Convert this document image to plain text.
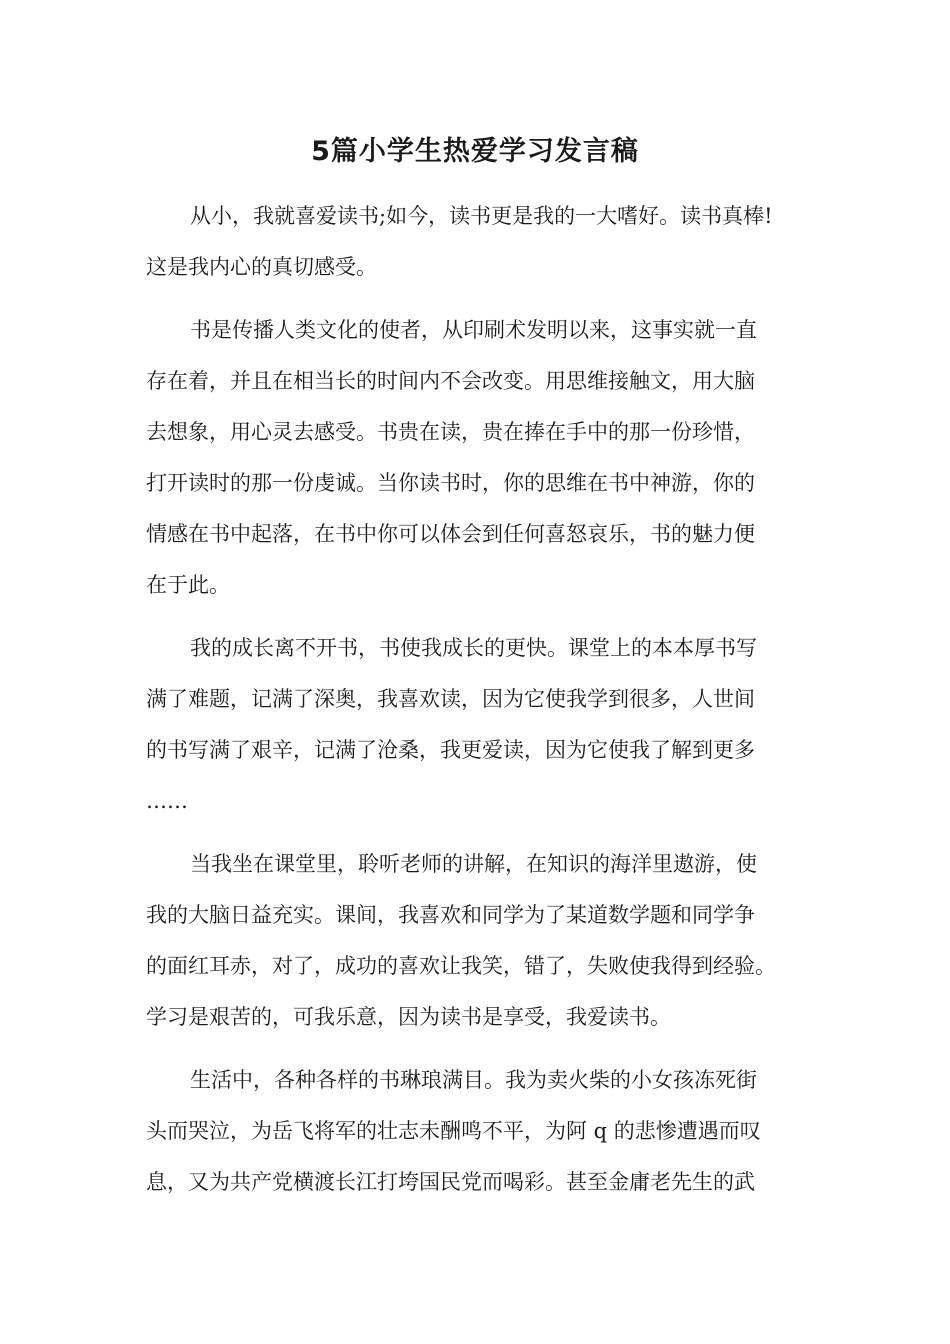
5篇小学生热爱学习发言稿

从小，我就喜爱读书;如今，读书更是我的一大嗜好。读书真棒!
这是我内心的真切感受。

书是传播人类文化的使者，从印刷术发明以来，这事实就一直
存在着，并且在相当长的时间内不会改变。用思维接触文，用大脑
去想象，用心灵去感受。书贵在读，贵在捧在手中的那一份珍惜，
打开读时的那一份虔诚。当你读书时，你的思维在书中神游，你的
情感在书中起落，在书中你可以体会到任何喜怒哀乐，书的魅力便
在于此。

我的成长离不开书，书使我成长的更快。课堂上的本本厚书写
满了难题，记满了深奥，我喜欢读，因为它使我学到很多，人世间
的书写满了艰辛，记满了沧桑，我更爱读，因为它使我了解到更多
……

当我坐在课堂里，聆听老师的讲解，在知识的海洋里遨游，使
我的大脑日益充实。课间，我喜欢和同学为了某道数学题和同学争
的面红耳赤，对了，成功的喜欢让我笑，错了，失败使我得到经验。
学习是艰苦的，可我乐意，因为读书是享受，我爱读书。

生活中，各种各样的书琳琅满目。我为卖火柴的小女孩冻死街
头而哭泣，为岳飞将军的壮志未酬鸣不平，为阿 q 的悲惨遭遇而叹
息，又为共产党横渡长江打垮国民党而喝彩。甚至金庸老先生的武
